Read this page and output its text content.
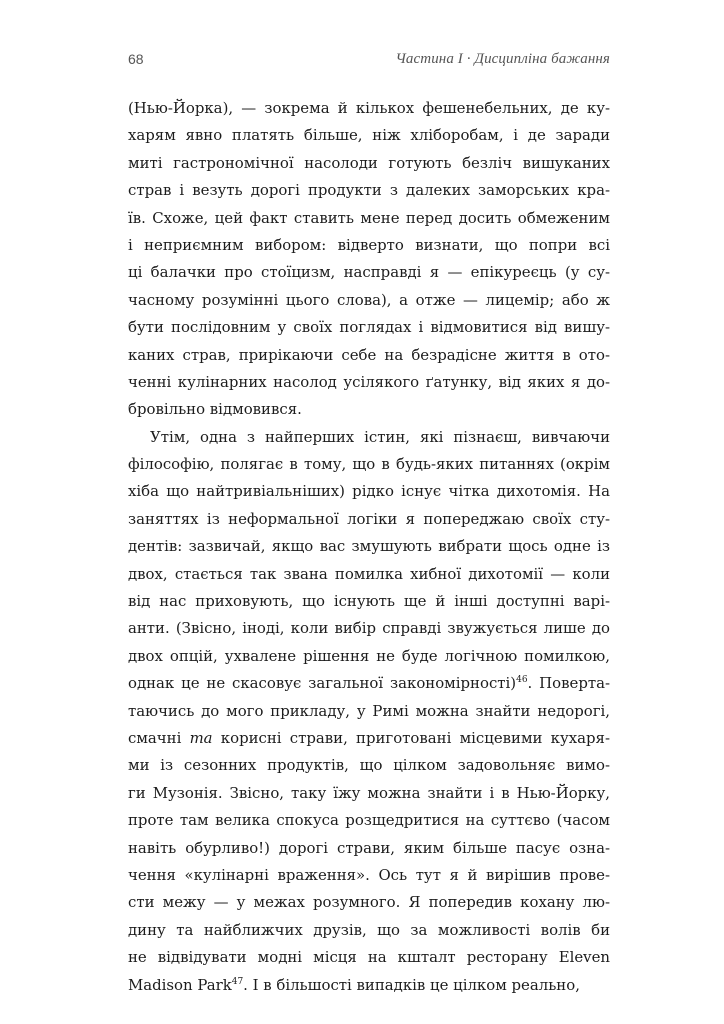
68	Частина I · Дисципліна бажання
(Нью-Йорка), — зокрема й кількох фешенебельних, де ку-
харям явно платять більше, ніж хліборобам, і де заради
миті гастрономічної насолоди готують безліч вишуканих
страв і везуть дорогі продукти з далеких заморських кра-
їв. Схоже, цей факт ставить мене перед досить обмеженим
і неприємним вибором: відверто визнати, що попри всі
ці балачки про стоїцизм, насправді я — епікуреєць (у су-
часному розумінні цього слова), а отже — лицемір; або ж
бути послідовним у своїх поглядах і відмовитися від вишу-
каних страв, прирікаючи себе на безрадісне життя в ото-
ченні кулінарних насолод усілякого ґатунку, від яких я до-
бровільно відмовився.
Утім, одна з найперших істин, які пізнаєш, вивчаючи
філософію, полягає в тому, що в будь-яких питаннях (окрім
хіба що найтривіальніших) рідко існує чітка дихотомія. На
заняттях із неформальної логіки я попереджаю своїх сту-
дентів: зазвичай, якщо вас змушують вибрати щось одне із
двох, стається так звана помилка хибної дихотомії — коли
від нас приховують, що існують ще й інші доступні варі-
анти. (Звісно, іноді, коли вибір справді звужується лише до
двох опцій, ухвалене рішення не буде логічною помилкою,
однак це не скасовує загальної закономірності)$^{46}$. Поверта-
таючись до мого прикладу, у Римі можна знайти недорогі,
смачні та корисні страви, приготовані місцевими кухаря-
ми із сезонних продуктів, що цілком задовольняє вимо-
ги Музонія. Звісно, таку їжу можна знайти і в Нью-Йорку,
проте там велика спокуса розщедритися на суттєво (часом
навіть обурливо!) дорогі страви, яким більше пасує озна-
чення «кулінарні враження». Ось тут я й вирішив прове-
сти межу — у межах розумного. Я попередив кохану лю-
дину та найближчих друзів, що за можливості волів би
не відвідувати модні місця на кшталт ресторану Eleven
Madison Park$^{47}$. І в більшості випадків це цілком реально,
